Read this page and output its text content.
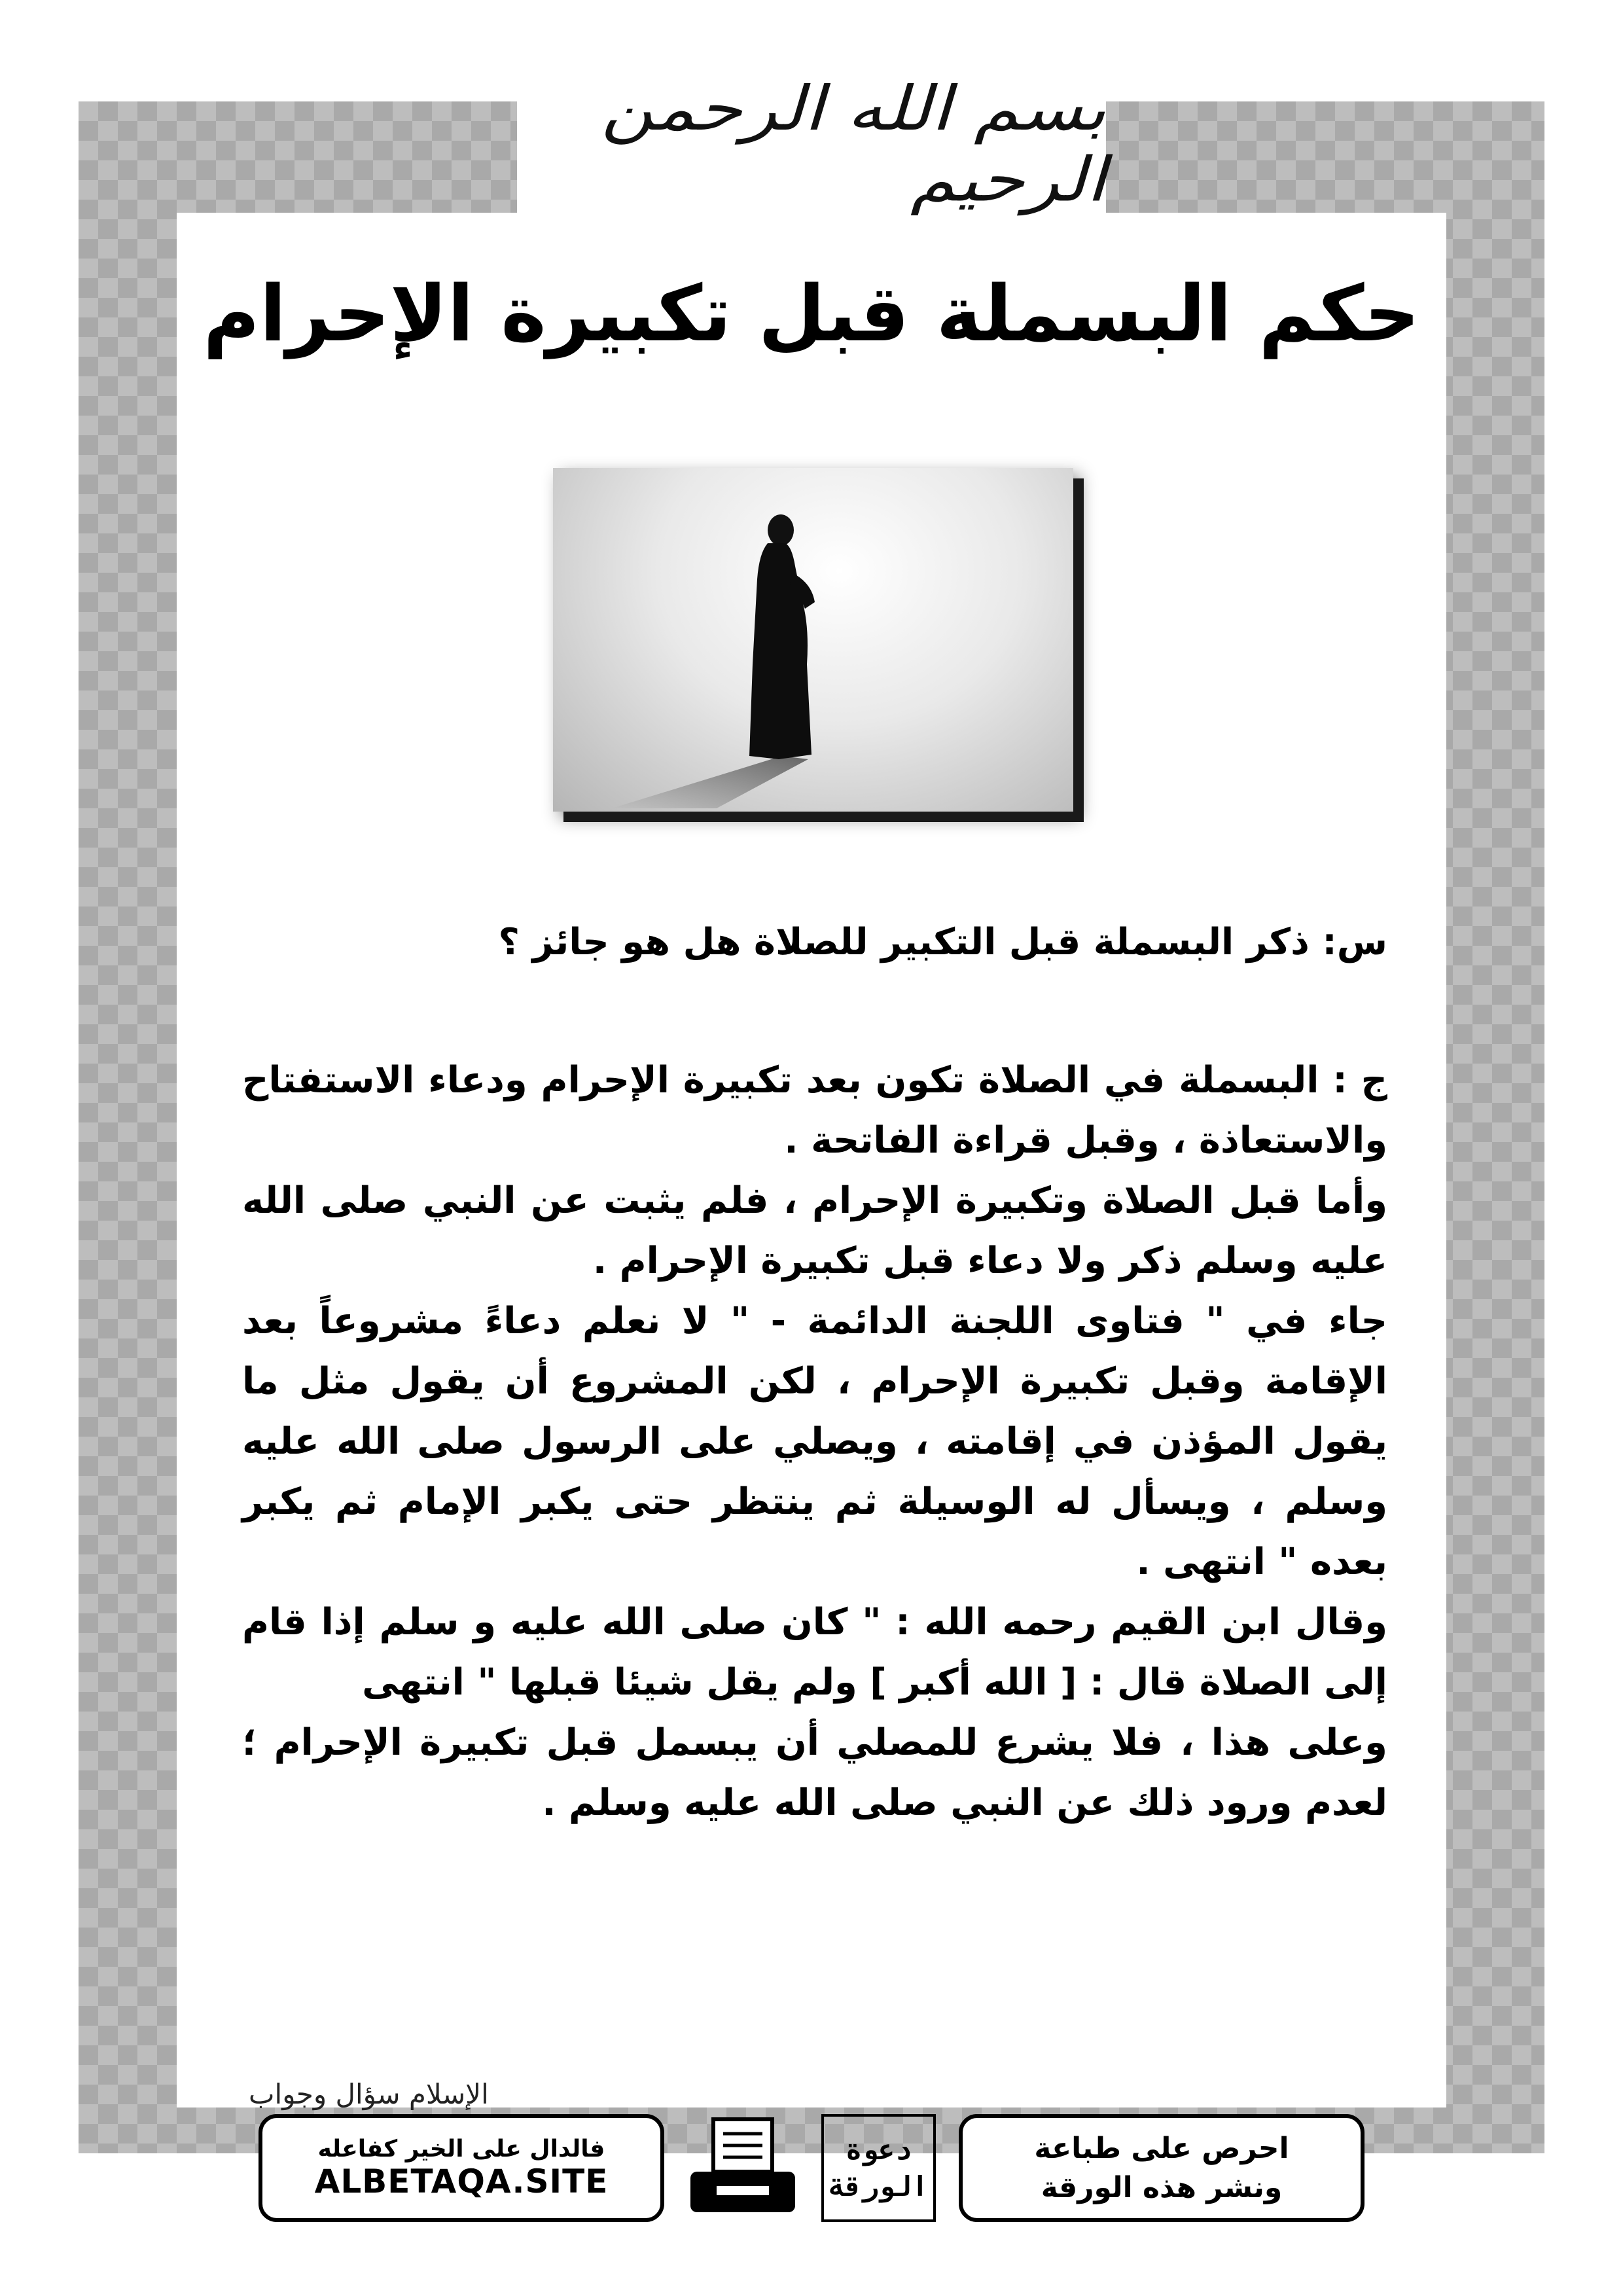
بسم الله الرحمن الرحيم
حكم البسملة قبل تكبيرة الإحرام

س: ذكر البسملة قبل التكبير للصلاة هل هو جائز ؟

ج : البسملة في الصلاة تكون بعد تكبيرة الإحرام ودعاء الاستفتاح والاستعاذة ، وقبل قراءة الفاتحة .

وأما قبل الصلاة وتكبيرة الإحرام ، فلم يثبت عن النبي صلى الله عليه وسلم ذكر ولا دعاء قبل تكبيرة الإحرام .

جاء في " فتاوى اللجنة الدائمة - " لا نعلم دعاءً مشروعاً بعد الإقامة وقبل تكبيرة الإحرام ، لكن المشروع أن يقول مثل ما يقول المؤذن في إقامته ، ويصلي على الرسول صلى الله عليه وسلم ، ويسأل له الوسيلة ثم ينتظر حتى يكبر الإمام ثم يكبر بعده " انتهى .

وقال ابن القيم رحمه الله : " كان صلى الله عليه و سلم إذا قام إلى الصلاة قال : [ الله أكبر ] ولم يقل شيئا قبلها " انتهى

وعلى هذا ، فلا يشرع للمصلي أن يبسمل قبل تكبيرة الإحرام ؛ لعدم ورود ذلك عن النبي صلى الله عليه وسلم .

الإسلام سؤال وجواب
فالدال على الخير كفاعله
ALBETAQA.SITE
دعوة
الورقة
احرص على طباعة
ونشر هذه الورقة
